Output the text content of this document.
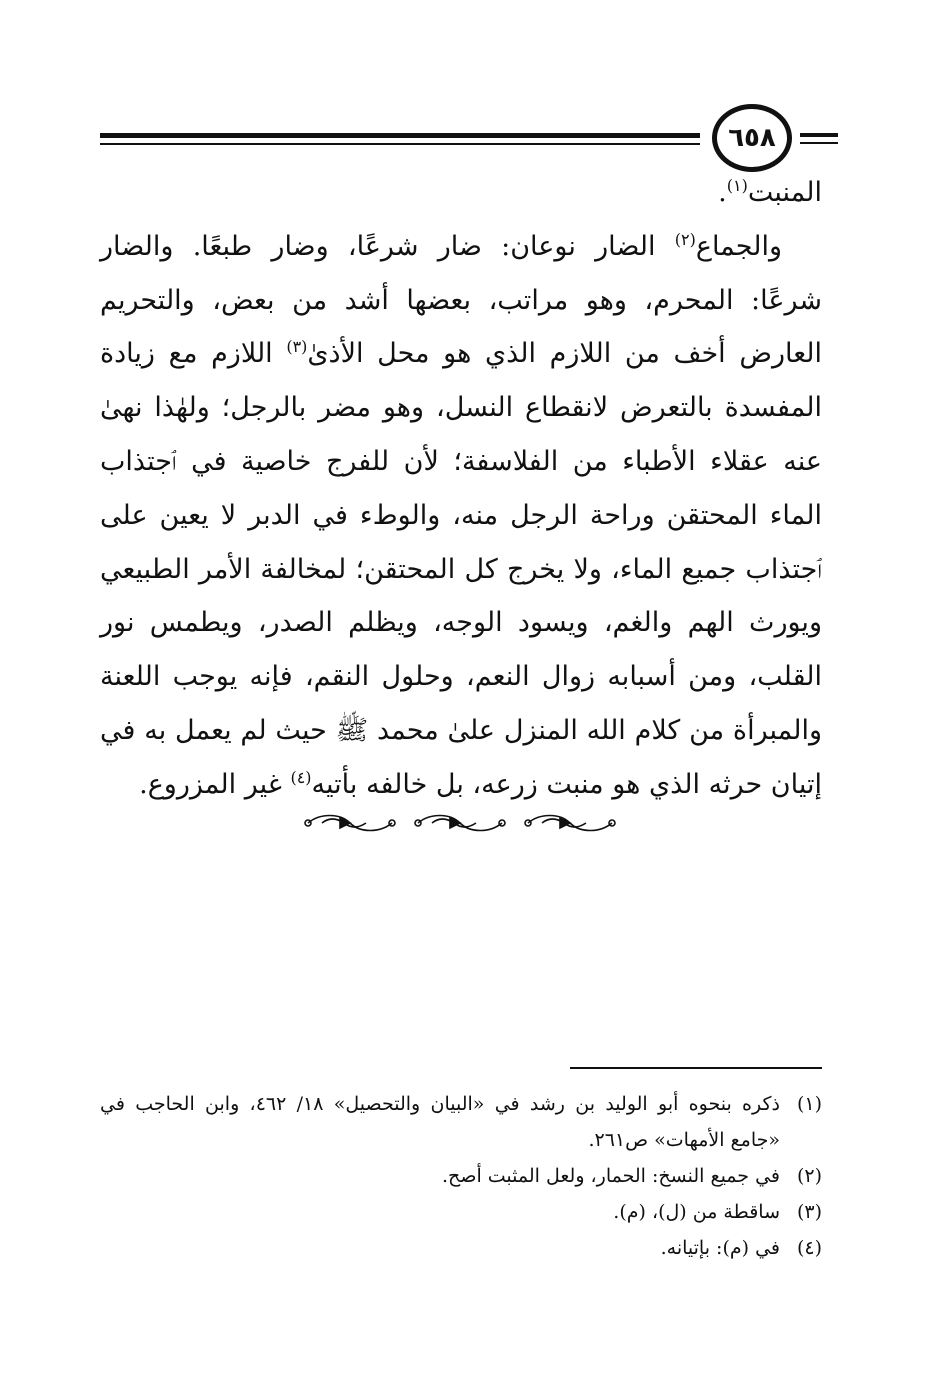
٦٥٨

المنبت$^{(١)}$.

والجماع$^{(٢)}$ الضار نوعان: ضار شرعًا، وضار طبعًا. والضار شرعًا: المحرم، وهو مراتب، بعضها أشد من بعض، والتحريم العارض أخف من اللازم الذي هو محل الأذىٰ$^{(٣)}$ اللازم مع زيادة المفسدة بالتعرض لانقطاع النسل، وهو مضر بالرجل؛ ولهٰذا نهىٰ عنه عقلاء الأطباء من الفلاسفة؛ لأن للفرج خاصية في ٱجتذاب الماء المحتقن وراحة الرجل منه، والوطء في الدبر لا يعين على ٱجتذاب جميع الماء، ولا يخرج كل المحتقن؛ لمخالفة الأمر الطبيعي ويورث الهم والغم، ويسود الوجه، ويظلم الصدر، ويطمس نور القلب، ومن أسبابه زوال النعم، وحلول النقم، فإنه يوجب اللعنة والمبرأة من كلام الله المنزل علىٰ محمد ﷺ حيث لم يعمل به في إتيان حرثه الذي هو منبت زرعه، بل خالفه بأتيه$^{(٤)}$ غير المزروع.

(١)
ذكره بنحوه أبو الوليد بن رشد في «البيان والتحصيل» ١٨/ ٤٦٢، وابن الحاجب في «جامع الأمهات» ص٢٦١.
(٢)
في جميع النسخ: الحمار، ولعل المثبت أصح.
(٣)
ساقطة من (ل)، (م).
(٤)
في (م): بإتيانه.
